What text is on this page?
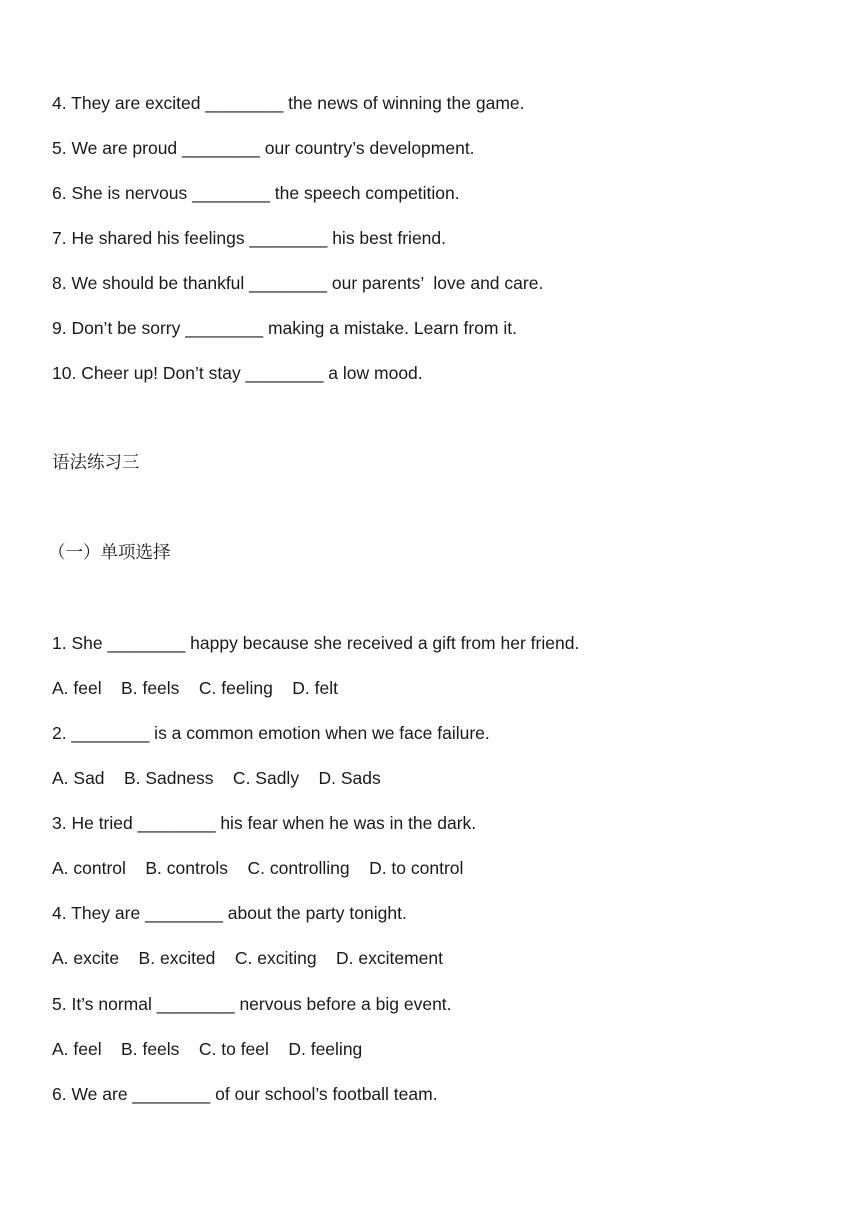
4. They are excited ________ the news of winning the game.
5. We are proud ________ our country’s development.
6. She is nervous ________ the speech competition.
7. He shared his feelings ________ his best friend.
8. We should be thankful ________ our parents’  love and care.
9. Don’t be sorry ________ making a mistake. Learn from it.
10. Cheer up! Don’t stay ________ a low mood.
语法练习三
（一）单项选择
1. She ________ happy because she received a gift from her friend.
A. feel    B. feels    C. feeling    D. felt
2. ________ is a common emotion when we face failure.
A. Sad    B. Sadness    C. Sadly    D. Sads
3. He tried ________ his fear when he was in the dark.
A. control    B. controls    C. controlling    D. to control
4. They are ________ about the party tonight.
A. excite    B. excited    C. exciting    D. excitement
5. It’s normal ________ nervous before a big event.
A. feel    B. feels    C. to feel    D. feeling
6. We are ________ of our school’s football team.
